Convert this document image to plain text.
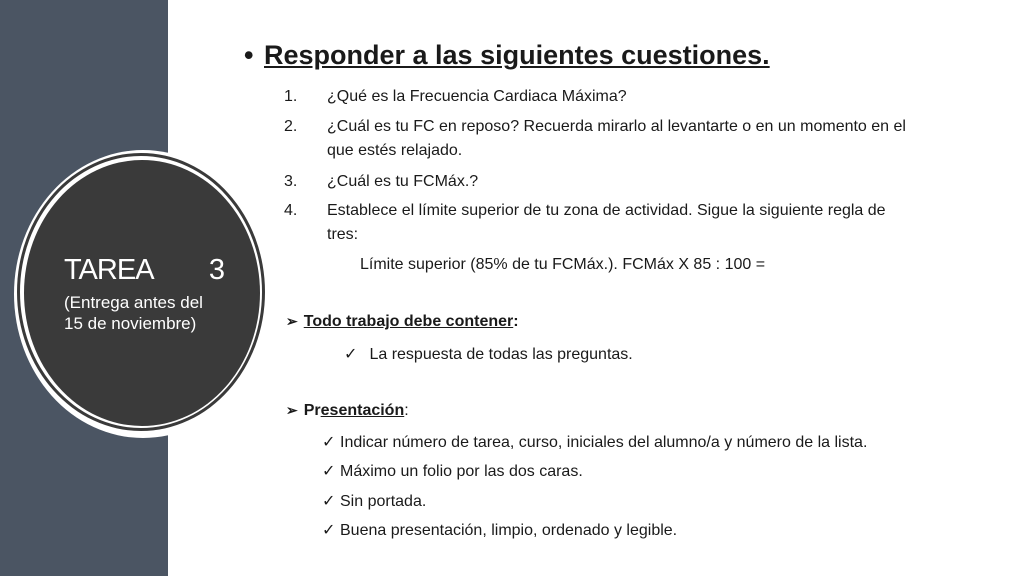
TAREA 3
(Entrega antes del
15 de noviembre)
• Responder a las siguientes cuestiones.
1. ¿Qué es la Frecuencia Cardiaca Máxima?
2. ¿Cuál es tu FC en reposo? Recuerda mirarlo al levantarte o en un momento en el
que estés relajado.
3. ¿Cuál es tu FCMáx.?
4. Establece el límite superior de tu zona de actividad. Sigue la siguiente regla de
tres:
Límite superior (85% de tu FCMáx.). FCMáx X 85 : 100 =
➢ Todo trabajo debe contener:
✓ La respuesta de todas las preguntas.
➢ Presentación:
✓ Indicar número de tarea, curso, iniciales del alumno/a y número de la lista.
✓ Máximo un folio por las dos caras.
✓ Sin portada.
✓ Buena presentación, limpio, ordenado y legible.
